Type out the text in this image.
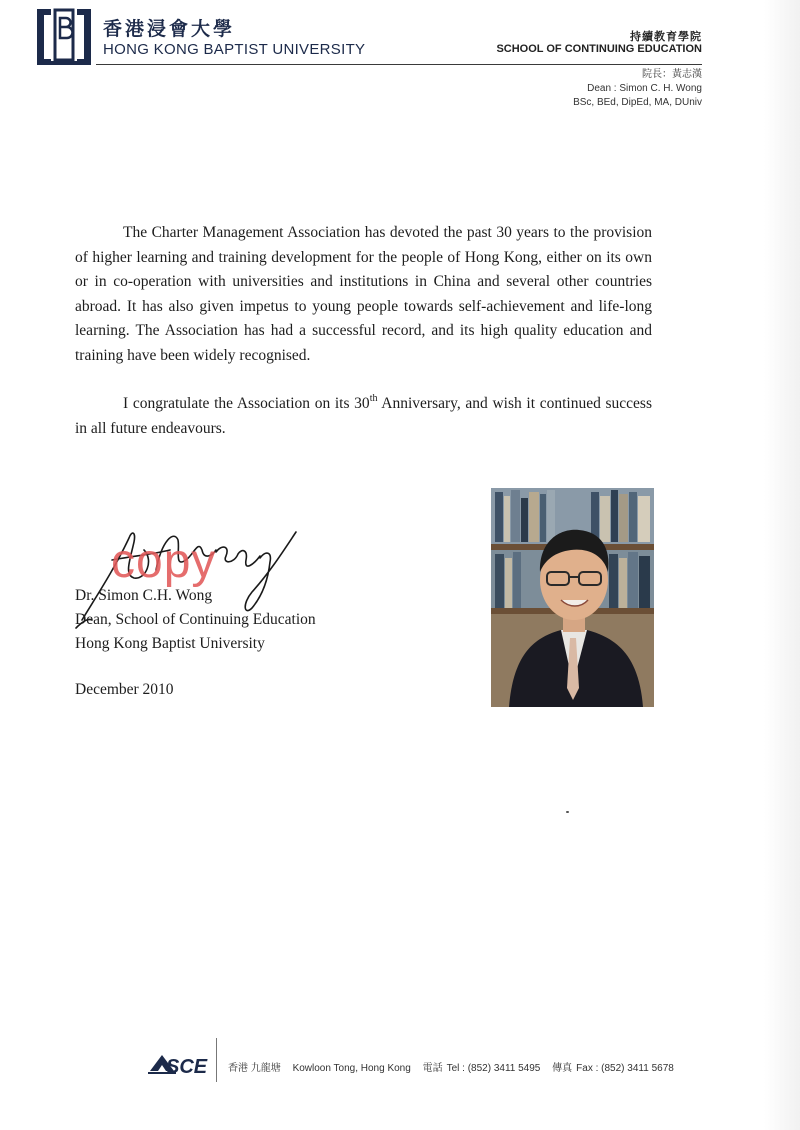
香港浸會大學
HONG KONG BAPTIST UNIVERSITY
持續教育學院
SCHOOL OF CONTINUING EDUCATION
院長：黃志漢
Dean : Simon C. H. Wong
BSc, BEd, DipEd, MA, DUniv

The Charter Management Association has devoted the past 30 years to the provision of higher learning and training development for the people of Hong Kong, either on its own or in co-operation with universities and institutions in China and several other countries abroad. It has also given impetus to young people towards self-achievement and life-long learning. The Association has had a successful record, and its high quality education and training have been widely recognised.

I congratulate the Association on its 30th Anniversary, and wish it continued success in all future endeavours.

copy
Dr. Simon C.H. Wong
Dean, School of Continuing Education
Hong Kong Baptist University
December 2010
SCE 香港 九龍塘 Kowloon Tong, Hong Kong 電話 Tel : (852) 3411 5495 傳真 Fax : (852) 3411 5678
